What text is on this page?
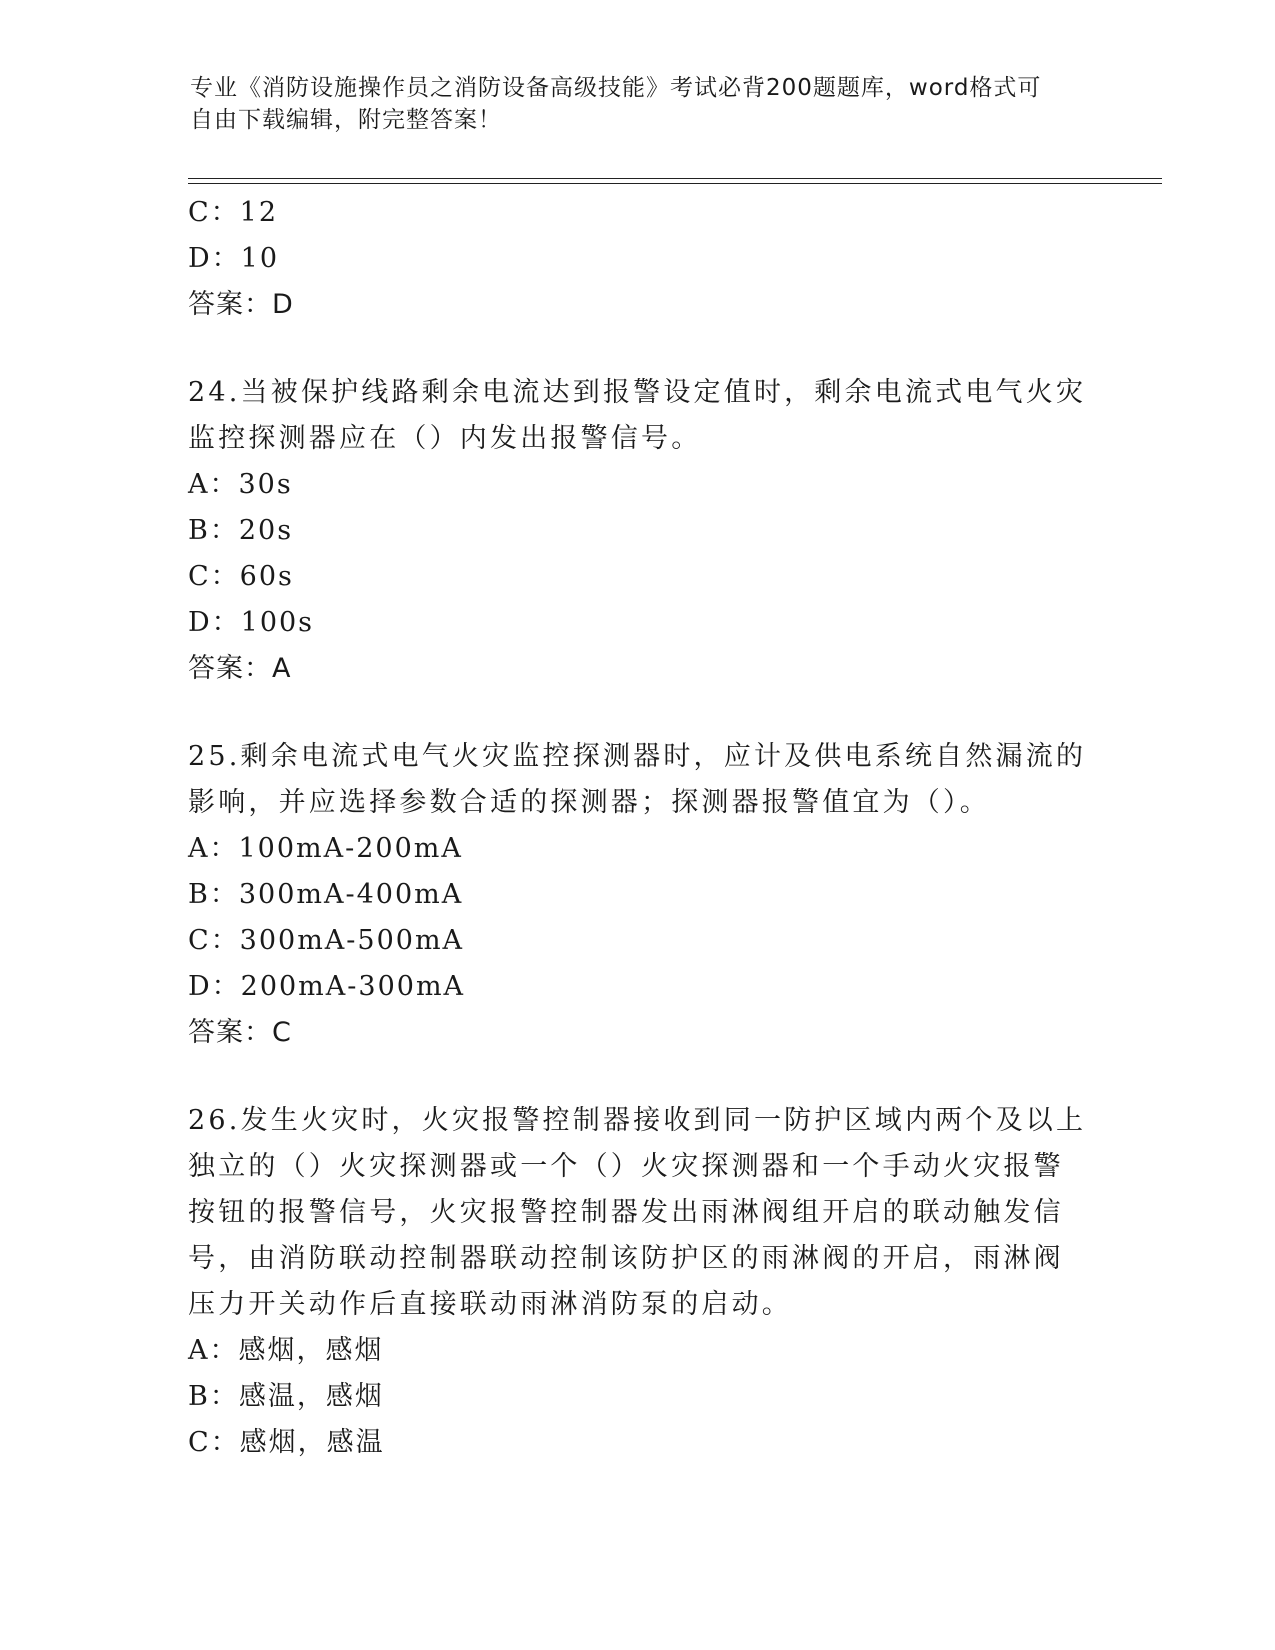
专业《消防设施操作员之消防设备高级技能》考试必背200题题库，word格式可
自由下载编辑，附完整答案！
C：12
D：10
答案：D
24.当被保护线路剩余电流达到报警设定值时，剩余电流式电气火灾监控探测器应在（）内发出报警信号。
A：30s
B：20s
C：60s
D：100s
答案：A
25.剩余电流式电气火灾监控探测器时，应计及供电系统自然漏流的影响，并应选择参数合适的探测器；探测器报警值宜为（）。
A：100mA-200mA
B：300mA-400mA
C：300mA-500mA
D：200mA-300mA
答案：C
26.发生火灾时，火灾报警控制器接收到同一防护区域内两个及以上独立的（）火灾探测器或一个（）火灾探测器和一个手动火灾报警按钮的报警信号，火灾报警控制器发出雨淋阀组开启的联动触发信号，由消防联动控制器联动控制该防护区的雨淋阀的开启，雨淋阀压力开关动作后直接联动雨淋消防泵的启动。
A：感烟，感烟
B：感温，感烟
C：感烟，感温
